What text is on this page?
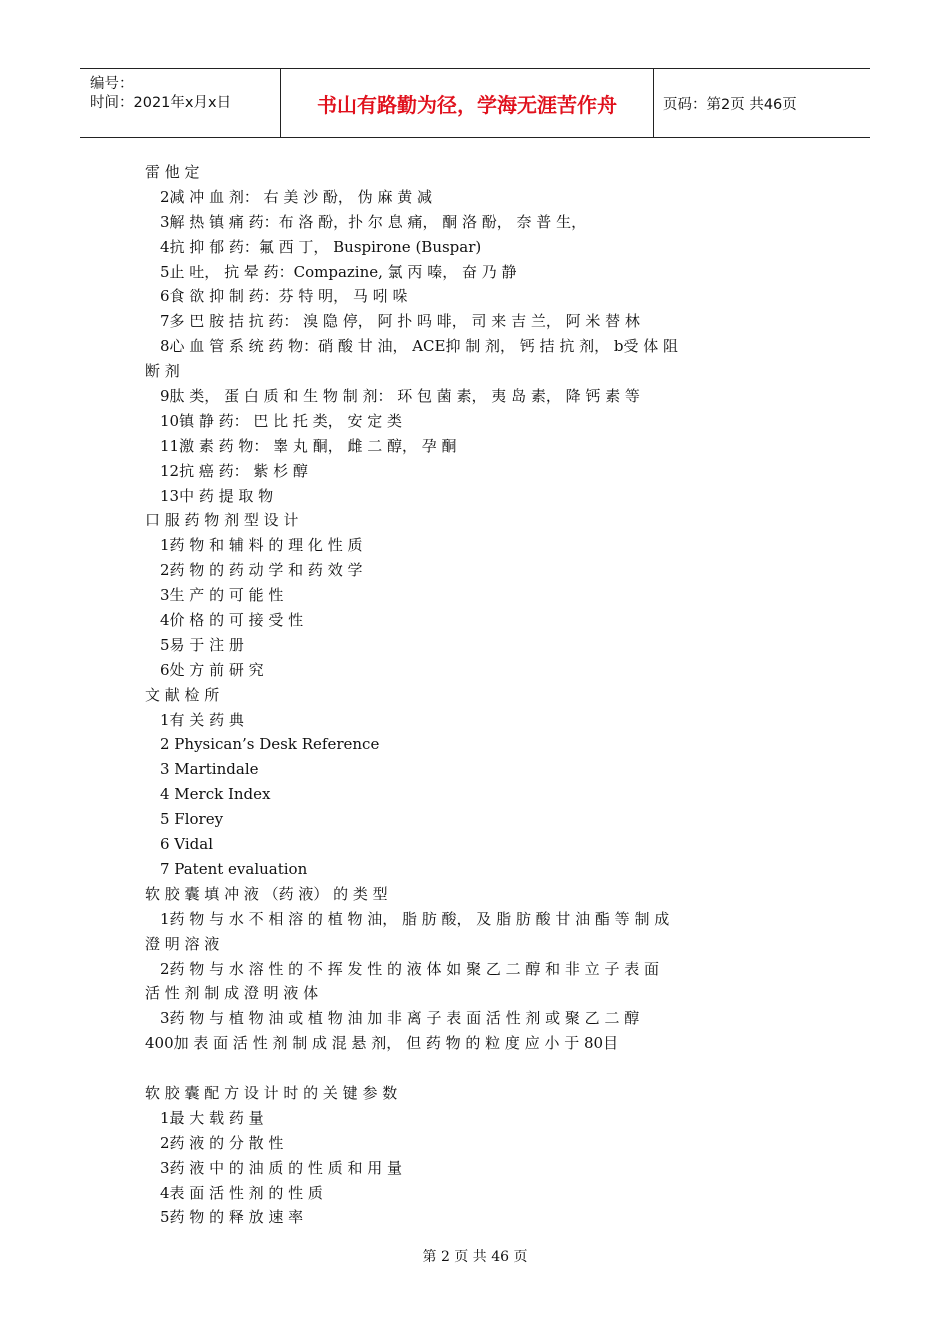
编号：
时间：2021年x月x日	书山有路勤为径，学海无涯苦作舟	页码：第2页 共46页
雷 他 定
2减 冲 血 剂： 右 美 沙 酚， 伪 麻 黄 减
3解 热 镇 痛 药：布 洛 酚，扑 尔 息 痛， 酮 洛 酚， 奈 普 生，
4抗 抑 郁 药：氟 西 丁， Buspirone (Buspar)
5止 吐， 抗 晕 药：Compazine, 氯 丙 嗪， 奋 乃 静
6食 欲 抑 制 药：芬 特 明， 马 吲 哚
7多 巴 胺 拮 抗 药： 溴 隐 停， 阿 扑 吗 啡， 司 来 吉 兰， 阿 米 替 林
8心 血 管 系 统 药 物：硝 酸 甘 油， ACE抑 制 剂， 钙 拮 抗 剂， b受 体 阻
断 剂
9肽 类， 蛋 白 质 和 生 物 制 剂： 环 包 菌 素， 夷 岛 素， 降 钙 素 等
10镇 静 药： 巴 比 托 类， 安 定 类
11激 素 药 物： 睾 丸 酮， 雌 二 醇， 孕 酮
12抗 癌 药： 紫 杉 醇
13中 药 提 取 物
口 服 药 物 剂 型 设 计
1药 物 和 辅 料 的 理 化 性 质
2药 物 的 药 动 学 和 药 效 学
3生 产 的 可 能 性
4价 格 的 可 接 受 性
5易 于 注 册
6处 方 前 研 究
文 献 检 所
1有 关 药 典
2 Physican’s Desk Reference
3 Martindale
4 Merck Index
5 Florey
6 Vidal
7 Patent evaluation
软 胶 囊 填 冲 液 （药 液） 的 类 型
1药 物 与 水 不 相 溶 的 植 物 油， 脂 肪 酸， 及 脂 肪 酸 甘 油 酯 等 制 成
澄 明 溶 液
2药 物 与 水 溶 性 的 不 挥 发 性 的 液 体 如 聚 乙 二 醇 和 非 立 子 表 面
活 性 剂 制 成 澄 明 液 体
3药 物 与 植 物 油 或 植 物 油 加 非 离 子 表 面 活 性 剂 或 聚 乙 二 醇
400加 表 面 活 性 剂 制 成 混 悬 剂， 但 药 物 的 粒 度 应 小 于 80目
软 胶 囊 配 方 设 计 时 的 关 键 参 数
1最 大 载 药 量
2药 液 的 分 散 性
3药 液 中 的 油 质 的 性 质 和 用 量
4表 面 活 性 剂 的 性 质
5药 物 的 释 放 速 率
第 2 页 共 46 页
